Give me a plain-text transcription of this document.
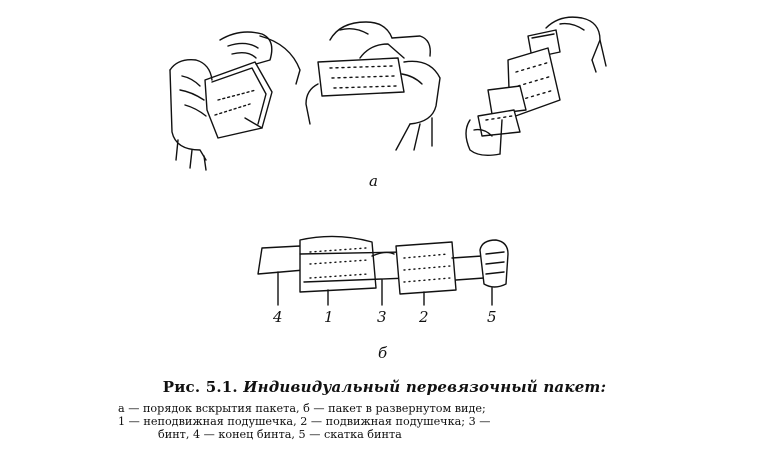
а
4	1	3 2	5
б
Рис. 5.1. Индивидуальный перевязочный пакет:
а — порядок вскрытия пакета, б — пакет в развернутом виде;
1 — неподвижная подушечка, 2 — подвижная подушечка; 3 —
бинт, 4 — конец бинта, 5 — скатка бинта
